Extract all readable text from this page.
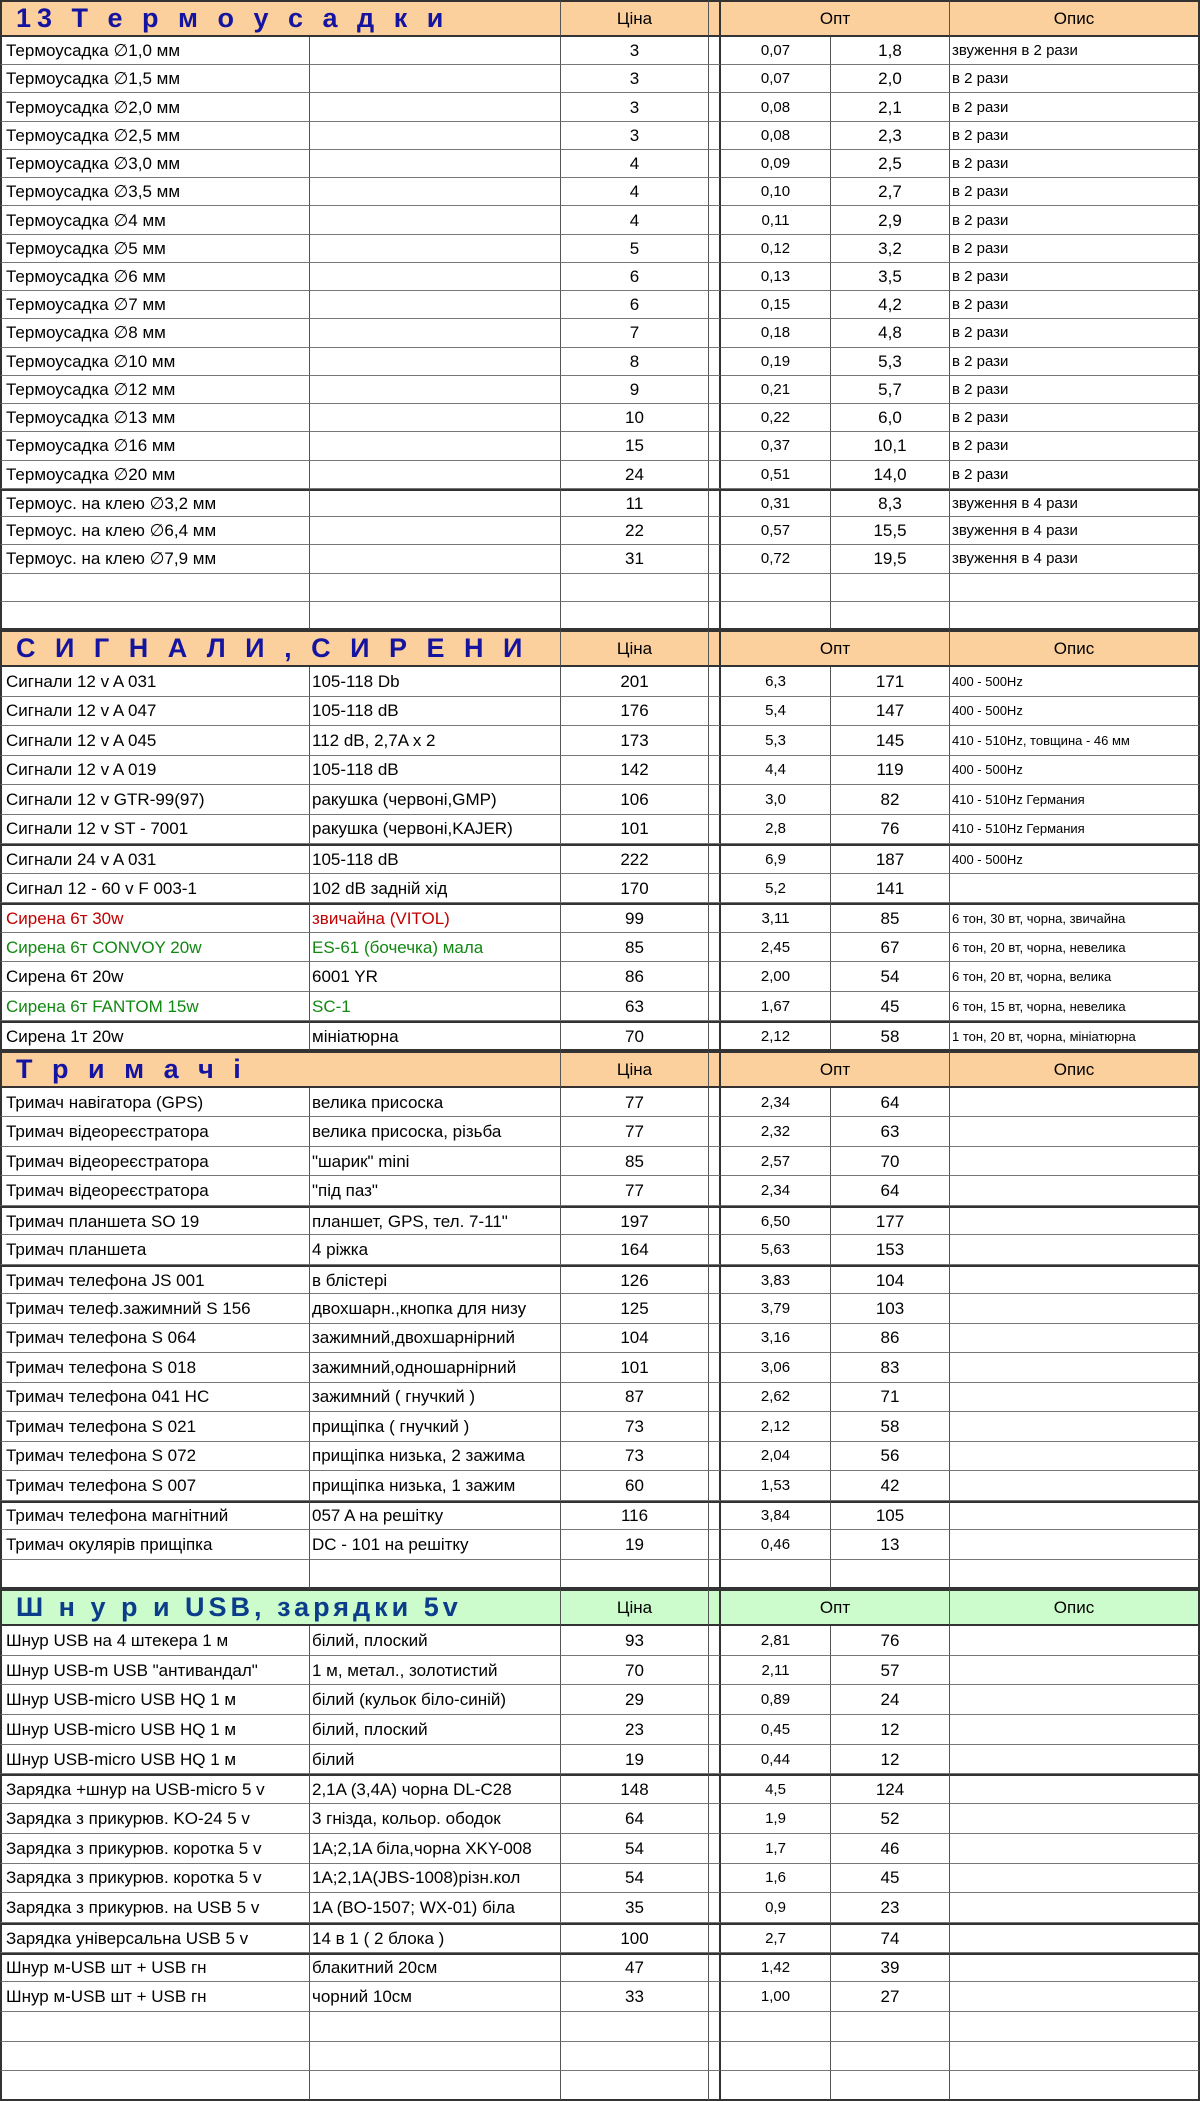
13 Т е р м о у с а д к и	Ціна	Опт	Опис
Термоусадка ∅1,0 мм	3	0,07	1,8	звуження в 2 рази
Термоусадка ∅1,5 мм	3	0,07	2,0	в 2 рази
Термоусадка ∅2,0 мм	3	0,08	2,1	в 2 рази
Термоусадка ∅2,5 мм	3	0,08	2,3	в 2 рази
Термоусадка ∅3,0 мм	4	0,09	2,5	в 2 рази
Термоусадка ∅3,5 мм	4	0,10	2,7	в 2 рази
Термоусадка ∅4 мм	4	0,11	2,9	в 2 рази
Термоусадка ∅5 мм	5	0,12	3,2	в 2 рази
Термоусадка ∅6 мм	6	0,13	3,5	в 2 рази
Термоусадка ∅7 мм	6	0,15	4,2	в 2 рази
Термоусадка ∅8 мм	7	0,18	4,8	в 2 рази
Термоусадка ∅10 мм	8	0,19	5,3	в 2 рази
Термоусадка ∅12 мм	9	0,21	5,7	в 2 рази
Термоусадка ∅13 мм	10	0,22	6,0	в 2 рази
Термоусадка ∅16 мм	15	0,37	10,1	в 2 рази
Термоусадка ∅20 мм	24	0,51	14,0	в 2 рази
Термоус. на клею ∅3,2 мм	11	0,31	8,3	звуження в 4 рази
Термоус. на клею ∅6,4 мм	22	0,57	15,5	звуження в 4 рази
Термоус. на клею ∅7,9 мм	31	0,72	19,5	звуження в 4 рази
С И Г Н А Л И , С И Р Е Н И	Ціна	Опт	Опис
Сигнали 12 v A 031	105-118 Db	201	6,3	171	400 - 500Hz
Сигнали 12 v A 047	105-118 dB	176	5,4	147	400 - 500Hz
Сигнали 12 v A 045	112 dB, 2,7A x 2	173	5,3	145	410 - 510Hz, товщина - 46 мм
Сигнали 12 v A 019	105-118 dB	142	4,4	119	400 - 500Hz
Сигнали 12 v GTR-99(97)	ракушка (червоні,GMP)	106	3,0	82	410 - 510Hz Германия
Сигнали 12 v ST - 7001	ракушка (червоні,KAJER)	101	2,8	76	410 - 510Hz Германия
Сигнали 24 v A 031	105-118 dB	222	6,9	187	400 - 500Hz
Сигнал 12 - 60 v F 003-1	102 dB задній хід	170	5,2	141
Сирена 6т 30w	звичайна (VITOL)	99	3,11	85	6 тон, 30 вт, чорна, звичайна
Сирена 6т CONVOY 20w	ES-61 (бочечка) мала	85	2,45	67	6 тон, 20 вт, чорна, невелика
Сирена 6т 20w	6001 YR	86	2,00	54	6 тон, 20 вт, чорна, велика
Сирена 6т FANTOM 15w	SC-1	63	1,67	45	6 тон, 15 вт, чорна, невелика
Сирена 1т 20w	мініатюрна	70	2,12	58	1 тон, 20 вт, чорна, мініатюрна
Т р и м а ч і	Ціна	Опт	Опис
Тримач навігатора (GPS)	велика присоска	77	2,34	64
Тримач відеореєстратора	велика присоска, різьба	77	2,32	63
Тримач відеореєстратора	"шарик" mini	85	2,57	70
Тримач відеореєстратора	"під паз"	77	2,34	64
Тримач планшета SO 19	планшет, GPS, тел. 7-11"	197	6,50	177
Тримач планшета	4 ріжка	164	5,63	153
Тримач телефона JS 001	в блістері	126	3,83	104
Тримач телеф.зажимний S 156	двохшарн.,кнопка для низу	125	3,79	103
Тримач телефона S 064	зажимний,двохшарнірний	104	3,16	86
Тримач телефона S 018	зажимний,одношарнірний	101	3,06	83
Тримач телефона 041 HC	зажимний ( гнучкий )	87	2,62	71
Тримач телефона S 021	прищіпка ( гнучкий )	73	2,12	58
Тримач телефона S 072	прищіпка низька, 2 зажима	73	2,04	56
Тримач телефона S 007	прищіпка низька, 1 зажим	60	1,53	42
Тримач телефона магнітний	057 A на решітку	116	3,84	105
Тримач окулярів прищіпка	DC - 101 на решітку	19	0,46	13
Ш н у р и USB, зарядки 5v	Ціна	Опт	Опис
Шнур USB на 4 штекера 1 м	білий, плоский	93	2,81	76
Шнур USB-m USB "антивандал"	1 м, метал., золотистий	70	2,11	57
Шнур USB-micro USB HQ 1 м	білий (кульок біло-синій)	29	0,89	24
Шнур USB-micro USB HQ 1 м	білий, плоский	23	0,45	12
Шнур USB-micro USB HQ 1 м	білий	19	0,44	12
Зарядка +шнур на USB-micro 5 v	2,1A (3,4A) чорна DL-C28	148	4,5	124
Зарядка з прикурюв. KO-24 5 v	3 гнізда, кольор. ободок	64	1,9	52
Зарядка з прикурюв. коротка 5 v	1A;2,1A біла,чорна XKY-008	54	1,7	46
Зарядка з прикурюв. коротка 5 v	1A;2,1A(JBS-1008)різн.кол	54	1,6	45
Зарядка з прикурюв. на USB 5 v	1A (BO-1507; WX-01) біла	35	0,9	23
Зарядка універсальна USB 5 v	14 в 1 ( 2 блока )	100	2,7	74
Шнур м-USB шт + USB гн	блакитний 20см	47	1,42	39
Шнур м-USB шт + USB гн	чорний 10см	33	1,00	27
